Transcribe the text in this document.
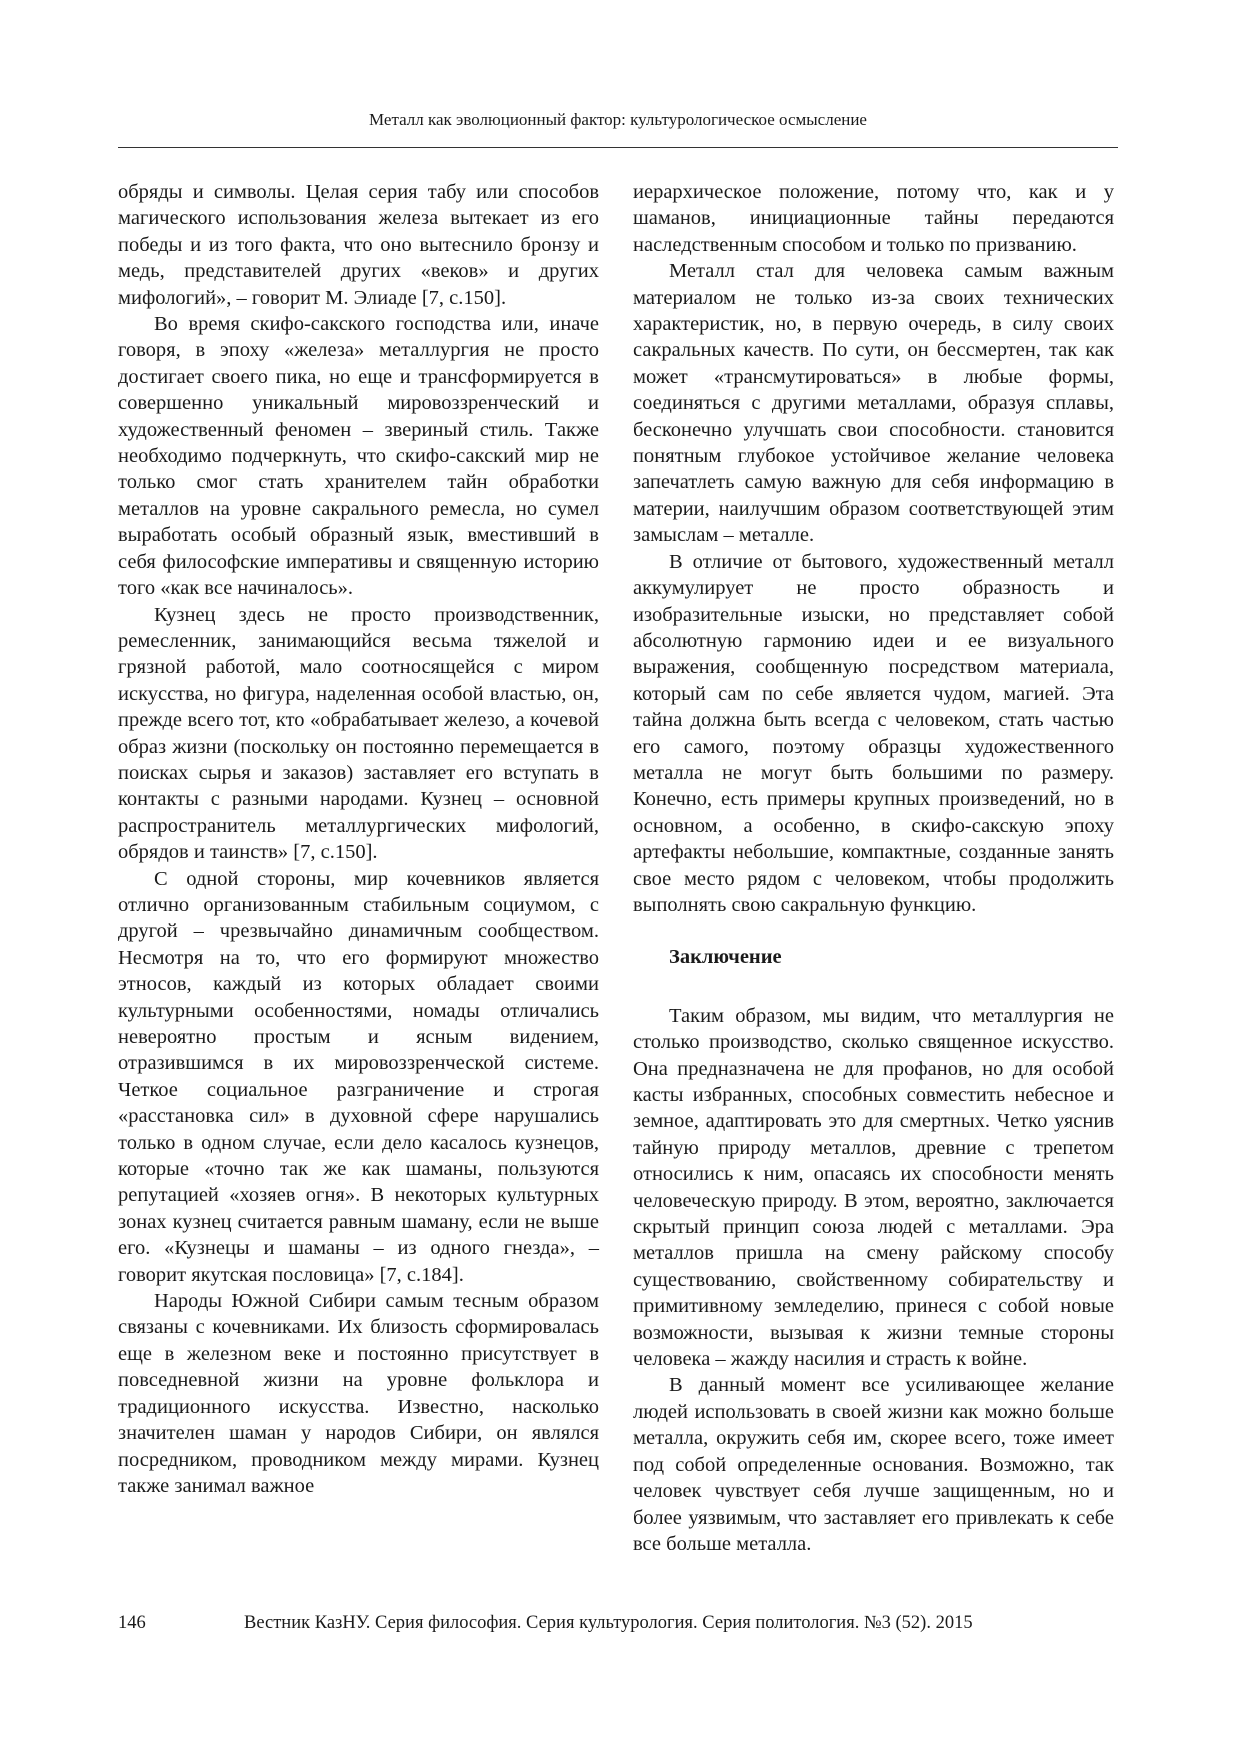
Металл как эволюционный фактор: культурологическое осмысление

обряды и символы. Целая серия табу или способов магического использования железа вытекает из его победы и из того факта, что оно вытеснило бронзу и медь, представителей других «веков» и других мифологий», – говорит М. Элиаде [7, с.150].

Во время скифо-сакского господства или, иначе говоря, в эпоху «железа» металлургия не просто достигает своего пика, но еще и трансформируется в совершенно уникальный мировоззренческий и художественный феномен – звериный стиль. Также необходимо подчеркнуть, что скифо-сакский мир не только смог стать хранителем тайн обработки металлов на уровне сакрального ремесла, но сумел выработать особый образный язык, вместивший в себя философские императивы и священную историю того «как все начиналось».

Кузнец здесь не просто производственник, ремесленник, занимающийся весьма тяжелой и грязной работой, мало соотносящейся с миром искусства, но фигура, наделенная особой властью, он, прежде всего тот, кто «обрабатывает железо, а кочевой образ жизни (поскольку он постоянно перемещается в поисках сырья и заказов) заставляет его вступать в контакты с разными народами. Кузнец – основной распространитель металлургических мифологий, обрядов и таинств» [7, с.150].

С одной стороны, мир кочевников является отлично организованным стабильным социумом, с другой – чрезвычайно динамичным сообществом. Несмотря на то, что его формируют множество этносов, каждый из которых обладает своими культурными особенностями, номады отличались невероятно простым и ясным видением, отразившимся в их мировоззренческой системе. Четкое социальное разграничение и строгая «расстановка сил» в духовной сфере нарушались только в одном случае, если дело касалось кузнецов, которые «точно так же как шаманы, пользуются репутацией «хозяев огня». В некоторых культурных зонах кузнец считается равным шаману, если не выше его. «Кузнецы и шаманы – из одного гнезда», – говорит якутская пословица» [7, с.184].

Народы Южной Сибири самым тесным образом связаны с кочевниками. Их близость сформировалась еще в железном веке и постоянно присутствует в повседневной жизни на уровне фольклора и традиционного искусства. Известно, насколько значителен шаман у народов Сибири, он являлся посредником, проводником между мирами. Кузнец также занимал важное

иерархическое положение, потому что, как и у шаманов, инициационные тайны передаются наследственным способом и только по призванию.

Металл стал для человека самым важным материалом не только из-за своих технических характеристик, но, в первую очередь, в силу своих сакральных качеств. По сути, он бессмертен, так как может «трансмутироваться» в любые формы, соединяться с другими металлами, образуя сплавы, бесконечно улучшать свои способности. становится понятным глубокое устойчивое желание человека запечатлеть самую важную для себя информацию в материи, наилучшим образом соответствующей этим замыслам – металле.

В отличие от бытового, художественный металл аккумулирует не просто образность и изобразительные изыски, но представляет собой абсолютную гармонию идеи и ее визуального выражения, сообщенную посредством материала, который сам по себе является чудом, магией. Эта тайна должна быть всегда с человеком, стать частью его самого, поэтому образцы художественного металла не могут быть большими по размеру. Конечно, есть примеры крупных произведений, но в основном, а особенно, в скифо-сакскую эпоху артефакты небольшие, компактные, созданные занять свое место рядом с человеком, чтобы продолжить выполнять свою сакральную функцию.

Заключение

Таким образом, мы видим, что металлургия не столько производство, сколько священное искусство. Она предназначена не для профанов, но для особой касты избранных, способных совместить небесное и земное, адаптировать это для смертных. Четко уяснив тайную природу металлов, древние с трепетом относились к ним, опасаясь их способности менять человеческую природу. В этом, вероятно, заключается скрытый принцип союза людей с металлами. Эра металлов пришла на смену райскому способу существованию, свойственному собирательству и примитивному земледелию, принеся с собой новые возможности, вызывая к жизни темные стороны человека – жажду насилия и страсть к войне.

В данный момент все усиливающее желание людей использовать в своей жизни как можно больше металла, окружить себя им, скорее всего, тоже имеет под собой определенные основания. Возможно, так человек чувствует себя лучше защищенным, но и более уязвимым, что заставляет его привлекать к себе все больше металла.

146	Вестник КазНУ. Серия философия. Серия культурология. Серия политология. №3 (52). 2015
